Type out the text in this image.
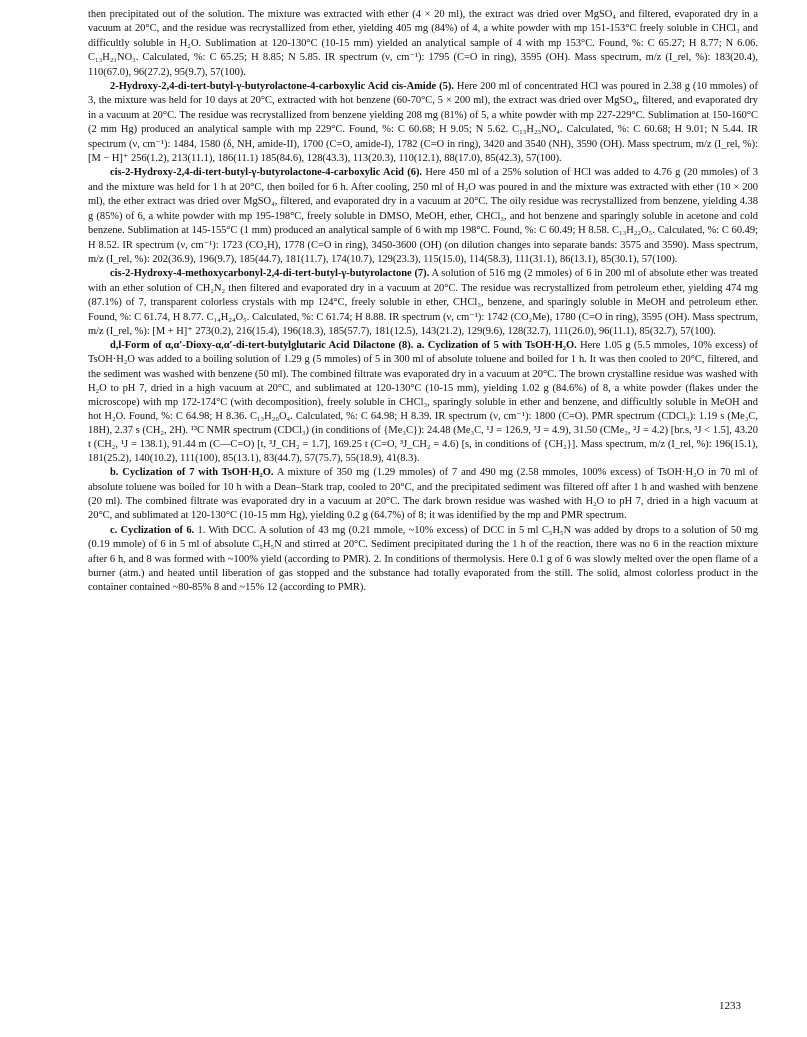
then precipitated out of the solution. The mixture was extracted with ether (4 × 20 ml), the extract was dried over MgSO₄ and filtered, evaporated dry in a vacuum at 20°C, and the residue was recrystallized from ether, yielding 405 mg (84%) of 4, a white powder with mp 151-153°C freely soluble in CHCl₃ and difficultly soluble in H₂O. Sublimation at 120-130°C (10-15 mm) yielded an analytical sample of 4 with mp 153°C. Found, %: C 65.27; H 8.77; N 6.06. C₁₃H₂₁NO₃. Calculated, %: C 65.25; H 8.85; N 5.85. IR spectrum (ν, cm⁻¹): 1795 (C=O in ring), 3595 (OH). Mass spectrum, m/z (I_rel, %): 183(20.4), 110(67.0), 96(27.2), 95(9.7), 57(100).

2-Hydroxy-2,4-di-tert-butyl-γ-butyrolactone-4-carboxylic Acid cis-Amide (5). Here 200 ml of concentrated HCl was poured in 2.38 g (10 mmoles) of 3, the mixture was held for 10 days at 20°C, extracted with hot benzene (60-70°C, 5 × 200 ml), the extract was dried over MgSO₄, filtered, and evaporated dry in a vacuum at 20°C. The residue was recrystallized from benzene yielding 208 mg (81%) of 5, a white powder with mp 227-229°C. Sublimation at 150-160°C (2 mm Hg) produced an analytical sample with mp 229°C. Found, %: C 60.68; H 9.05; N 5.62. C₁₃H₂₃NO₄. Calculated, %: C 60.68; H 9.01; N 5.44. IR spectrum (ν, cm⁻¹): 1484, 1580 (δ, NH, amide-II), 1700 (C=O, amide-I), 1782 (C=O in ring), 3420 and 3540 (NH), 3590 (OH). Mass spectrum, m/z (I_rel, %): [M − H]⁺ 256(1.2), 213(11.1), 186(11.1) 185(84.6), 128(43.3), 113(20.3), 110(12.1), 88(17.0), 85(42.3), 57(100).

cis-2-Hydroxy-2,4-di-tert-butyl-γ-butyrolactone-4-carboxylic Acid (6). Here 450 ml of a 25% solution of HCl was added to 4.76 g (20 mmoles) of 3 and the mixture was held for 1 h at 20°C, then boiled for 6 h. After cooling, 250 ml of H₂O was poured in and the mixture was extracted with ether (10 × 200 ml), the ether extract was dried over MgSO₄, filtered, and evaporated dry in a vacuum at 20°C. The oily residue was recrystallized from benzene, yielding 4.38 g (85%) of 6, a white powder with mp 195-198°C, freely soluble in DMSO, MeOH, ether, CHCl₃, and hot benzene and sparingly soluble in acetone and cold benzene. Sublimation at 145-155°C (1 mm) produced an analytical sample of 6 with mp 198°C. Found, %: C 60.49; H 8.58. C₁₃H₂₂O₅. Calculated, %: C 60.49; H 8.52. IR spectrum (ν, cm⁻¹): 1723 (CO₂H), 1778 (C=O in ring), 3450-3600 (OH) (on dilution changes into separate bands: 3575 and 3590). Mass spectrum, m/z (I_rel, %): 202(36.9), 196(9.7), 185(44.7), 181(11.7), 174(10.7), 129(23.3), 115(15.0), 114(58.3), 111(31.1), 86(13.1), 85(30.1), 57(100).

cis-2-Hydroxy-4-methoxycarbonyl-2,4-di-tert-butyl-γ-butyrolactone (7). A solution of 516 mg (2 mmoles) of 6 in 200 ml of absolute ether was treated with an ether solution of CH₂N₂ then filtered and evaporated dry in a vacuum at 20°C. The residue was recrystallized from petroleum ether, yielding 474 mg (87.1%) of 7, transparent colorless crystals with mp 124°C, freely soluble in ether, CHCl₃, benzene, and sparingly soluble in MeOH and petroleum ether. Found, %: C 61.74, H 8.77. C₁₄H₂₄O₅. Calculated, %: C 61.74; H 8.88. IR spectrum (ν, cm⁻¹): 1742 (CO₂Me), 1780 (C=O in ring), 3595 (OH). Mass spectrum, m/z (I_rel, %): [M + H]⁺ 273(0.2), 216(15.4), 196(18.3), 185(57.7), 181(12.5), 143(21.2), 129(9.6), 128(32.7), 111(26.0), 96(11.1), 85(32.7), 57(100).

d,l-Form of α,α′-Dioxy-α,α′-di-tert-butylglutaric Acid Dilactone (8). a. Cyclization of 5 with TsOH·H₂O. Here 1.05 g (5.5 mmoles, 10% excess) of TsOH·H₂O was added to a boiling solution of 1.29 g (5 mmoles) of 5 in 300 ml of absolute toluene and boiled for 1 h. It was then cooled to 20°C, filtered, and the sediment was washed with benzene (50 ml). The combined filtrate was evaporated dry in a vacuum at 20°C. The brown crystalline residue was washed with H₂O to pH 7, dried in a high vacuum at 20°C, and sublimated at 120-130°C (10-15 mm), yielding 1.02 g (84.6%) of 8, a white powder (flakes under the microscope) with mp 172-174°C (with decomposition), freely soluble in CHCl₃, sparingly soluble in ether and benzene, and difficultly soluble in MeOH and hot H₂O. Found, %: C 64.98; H 8.36. C₁₃H₂₀O₄. Calculated, %: C 64.98; H 8.39. IR spectrum (ν, cm⁻¹): 1800 (C=O). PMR spectrum (CDCl₃): 1.19 s (Me₃C, 18H), 2.37 s (CH₂, 2H). ¹³C NMR spectrum (CDCl₃) (in conditions of {Me₃C}): 24.48 (Me₃C, ¹J = 126.9, ³J = 4.9), 31.50 (CMe₃, ²J = 4.2) [br.s, ³J < 1.5], 43.20 t (CH₂, ¹J = 138.1), 91.44 m (C—C=O) [t, ³J_CH₂ = 1.7], 169.25 t (C=O, ³J_CH₂ = 4.6) [s, in conditions of {CH₂}]. Mass spectrum, m/z (I_rel, %): 196(15.1), 181(25.2), 140(10.2), 111(100), 85(13.1), 83(44.7), 57(75.7), 55(18.9), 41(8.3).

b. Cyclization of 7 with TsOH·H₂O. A mixture of 350 mg (1.29 mmoles) of 7 and 490 mg (2.58 mmoles, 100% excess) of TsOH·H₂O in 70 ml of absolute toluene was boiled for 10 h with a Dean–Stark trap, cooled to 20°C, and the precipitated sediment was filtered off after 1 h and washed with benzene (20 ml). The combined filtrate was evaporated dry in a vacuum at 20°C. The dark brown residue was washed with H₂O to pH 7, dried in a high vacuum at 20°C, and sublimated at 120-130°C (10-15 mm Hg), yielding 0.2 g (64.7%) of 8; it was identified by the mp and PMR spectrum.

c. Cyclization of 6. 1. With DCC. A solution of 43 mg (0.21 mmole, ~10% excess) of DCC in 5 ml C₅H₅N was added by drops to a solution of 50 mg (0.19 mmole) of 6 in 5 ml of absolute C₅H₅N and stirred at 20°C. Sediment precipitated during the 1 h of the reaction, there was no 6 in the reaction mixture after 6 h, and 8 was formed with ~100% yield (according to PMR). 2. In conditions of thermolysis. Here 0.1 g of 6 was slowly melted over the open flame of a burner (atm.) and heated until liberation of gas stopped and the substance had totally evaporated from the still. The solid, almost colorless product in the container contained ~80-85% 8 and ~15% 12 (according to PMR).

1233
